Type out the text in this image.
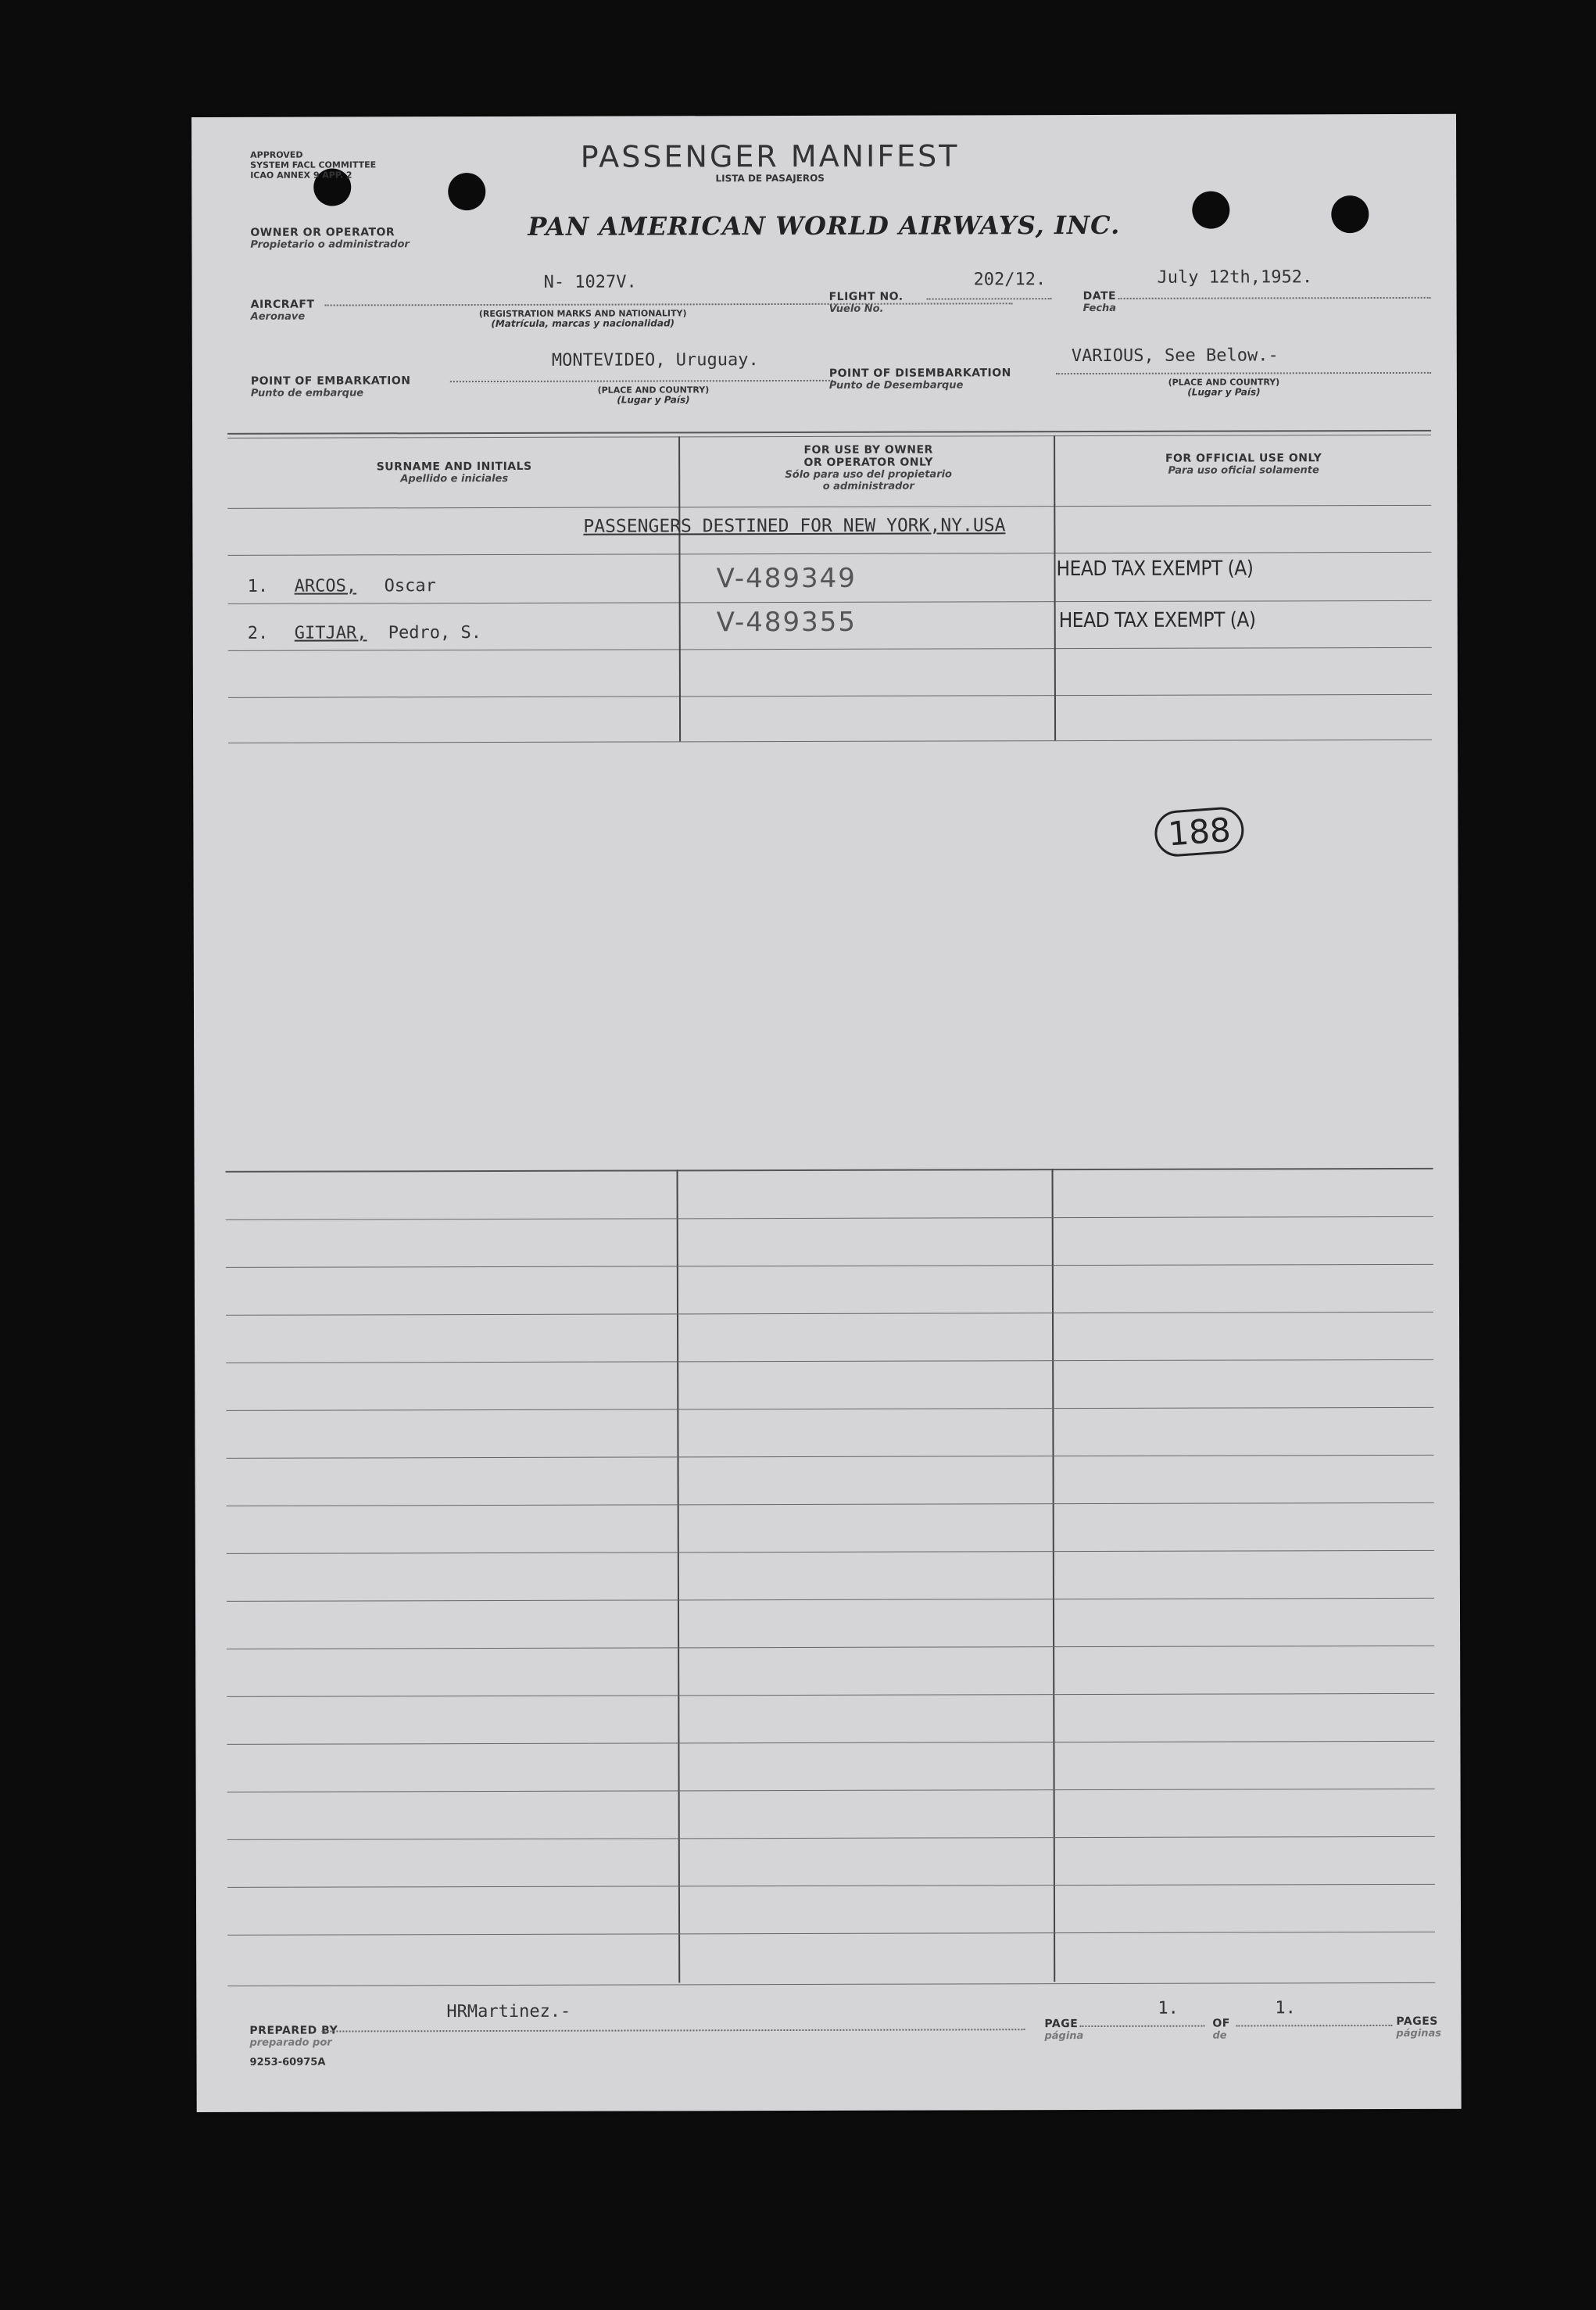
APPROVED
SYSTEM FACL COMMITTEE
ICAO ANNEX 9 APP. 2
PASSENGER MANIFEST
LISTA DE PASAJEROS
OWNER OR OPERATOR
Propietario o administrador
PAN AMERICAN WORLD AIRWAYS, INC.
AIRCRAFT
Aeronave
N- 1027V.
(REGISTRATION MARKS AND NATIONALITY)
(Matrícula, marcas y nacionalidad)
FLIGHT NO.
Vuelo No.
202/12.
DATE
Fecha
July 12th,1952.
POINT OF EMBARKATION
Punto de embarque
MONTEVIDEO, Uruguay.
(PLACE AND COUNTRY)
(Lugar y País)
POINT OF DISEMBARKATION
Punto de Desembarque
VARIOUS, See Below.-
(PLACE AND COUNTRY)
(Lugar y País)
SURNAME AND INITIALS
Apellido e iniciales
FOR USE BY OWNER
OR OPERATOR ONLY
Sólo para uso del propietario
o administrador
FOR OFFICIAL USE ONLY
Para uso oficial solamente
PASSENGERS DESTINED FOR NEW YORK,NY.USA
1. ARCOS, Oscar	V-489349	HEAD TAX EXEMPT (A)
2. GITJAR, Pedro, S.	V-489355	HEAD TAX EXEMPT (A)
188
PREPARED BY
preparado por
HRMartinez.-
PAGE
página
1.
OF
de
1.
PAGES
páginas
9253-60975A
